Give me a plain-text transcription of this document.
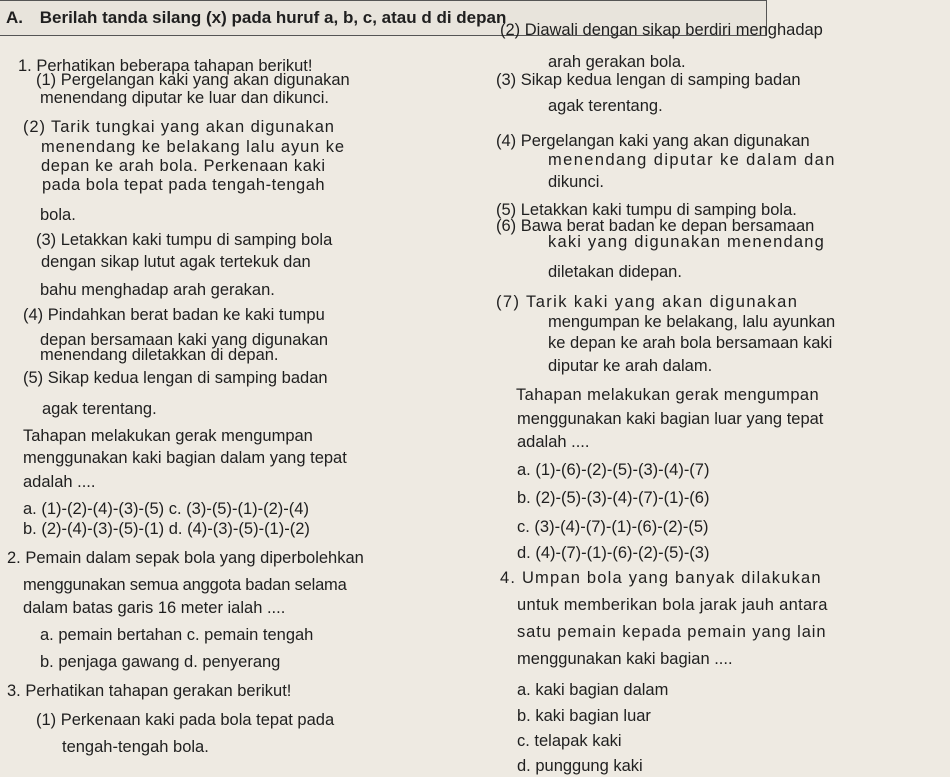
A. Berilah tanda silang (x) pada huruf a, b, c, atau d di depan
1. Perhatikan beberapa tahapan berikut!
(1) Pergelangan kaki yang akan digunakan
menendang diputar ke luar dan dikunci.
(2) Tarik tungkai yang akan digunakan
menendang ke belakang lalu ayun ke
depan ke arah bola. Perkenaan kaki
pada bola tepat pada tengah-tengah
bola.
(3) Letakkan kaki tumpu di samping bola
dengan sikap lutut agak tertekuk dan
bahu menghadap arah gerakan.
(4) Pindahkan berat badan ke kaki tumpu
depan bersamaan kaki yang digunakan
menendang diletakkan di depan.
(5) Sikap kedua lengan di samping badan
agak terentang.
Tahapan melakukan gerak mengumpan
menggunakan kaki bagian dalam yang tepat
adalah ....
a. (1)-(2)-(4)-(3)-(5) c. (3)-(5)-(1)-(2)-(4)
b. (2)-(4)-(3)-(5)-(1) d. (4)-(3)-(5)-(1)-(2)
2. Pemain dalam sepak bola yang diperbolehkan
menggunakan semua anggota badan selama
dalam batas garis 16 meter ialah ....
a. pemain bertahan c. pemain tengah
b. penjaga gawang d. penyerang
3. Perhatikan tahapan gerakan berikut!
(1) Perkenaan kaki pada bola tepat pada
tengah-tengah bola.
(2) Diawali dengan sikap berdiri menghadap
arah gerakan bola.
(3) Sikap kedua lengan di samping badan
agak terentang.
(4) Pergelangan kaki yang akan digunakan
menendang diputar ke dalam dan
dikunci.
(5) Letakkan kaki tumpu di samping bola.
(6) Bawa berat badan ke depan bersamaan
kaki yang digunakan menendang
diletakan didepan.
(7) Tarik kaki yang akan digunakan
mengumpan ke belakang, lalu ayunkan
ke depan ke arah bola bersamaan kaki
diputar ke arah dalam.
Tahapan melakukan gerak mengumpan
menggunakan kaki bagian luar yang tepat
adalah ....
a. (1)-(6)-(2)-(5)-(3)-(4)-(7)
b. (2)-(5)-(3)-(4)-(7)-(1)-(6)
c. (3)-(4)-(7)-(1)-(6)-(2)-(5)
d. (4)-(7)-(1)-(6)-(2)-(5)-(3)
4. Umpan bola yang banyak dilakukan
untuk memberikan bola jarak jauh antara
satu pemain kepada pemain yang lain
menggunakan kaki bagian ....
a. kaki bagian dalam
b. kaki bagian luar
c. telapak kaki
d. punggung kaki
